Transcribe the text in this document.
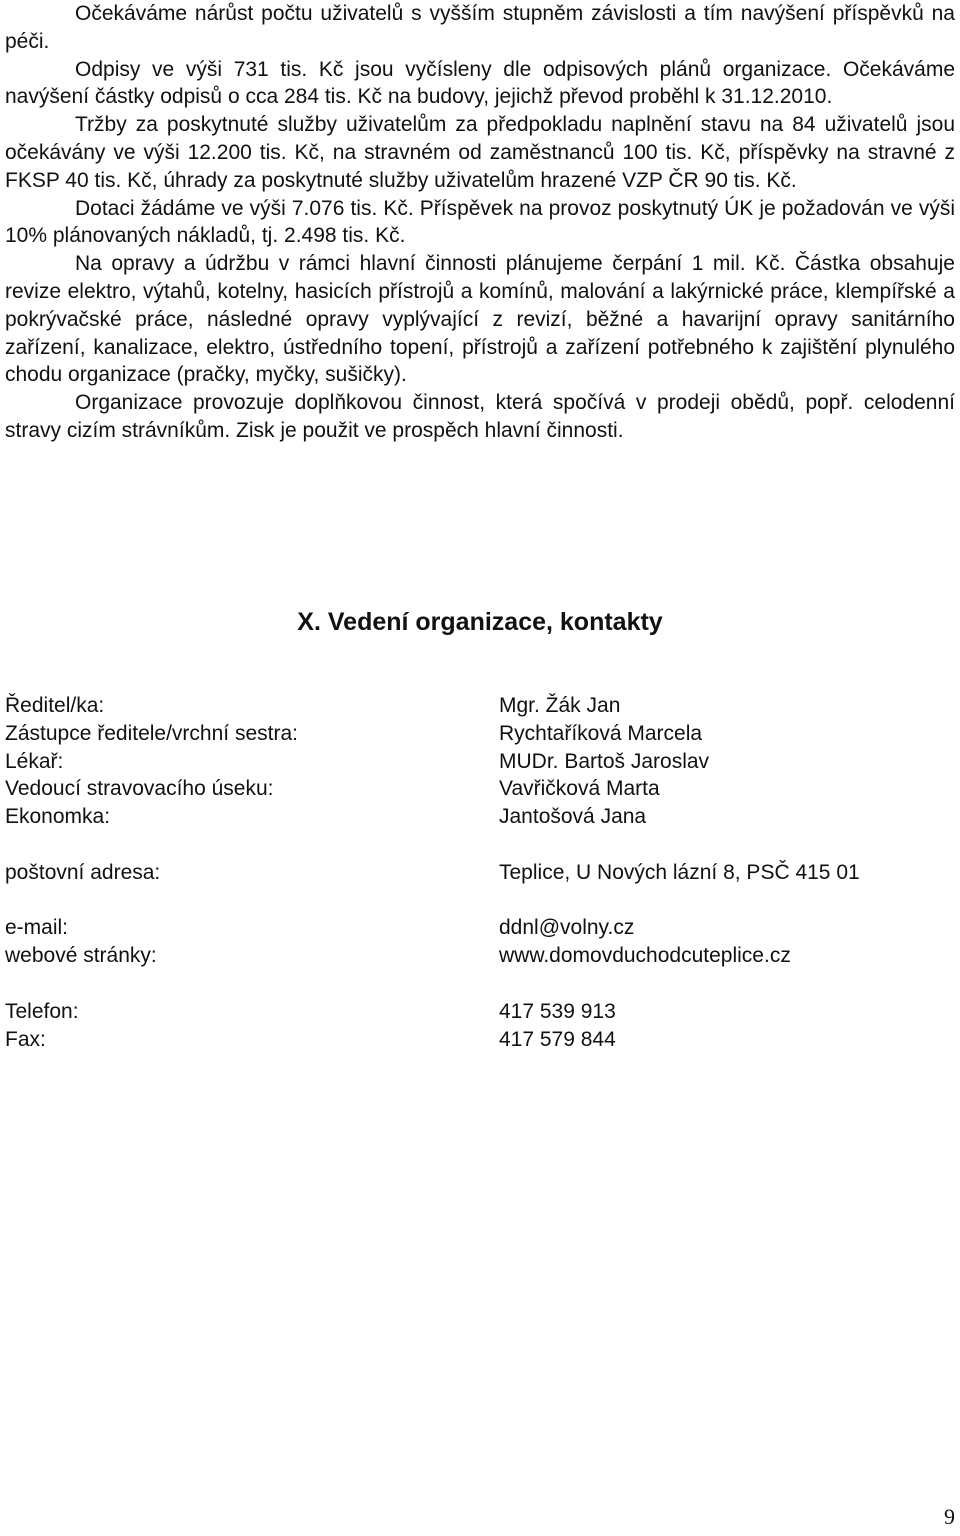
Očekáváme nárůst počtu uživatelů s vyšším stupněm závislosti a tím navýšení příspěvků na péči.

Odpisy ve výši 731 tis. Kč jsou vyčísleny dle odpisových plánů organizace. Očekáváme navýšení částky odpisů o cca 284 tis. Kč na budovy, jejichž převod proběhl k 31.12.2010.

Tržby za poskytnuté služby uživatelům za předpokladu naplnění stavu na 84 uživatelů jsou očekávány ve výši 12.200 tis. Kč, na stravném od zaměstnanců 100 tis. Kč, příspěvky na stravné z FKSP 40 tis. Kč, úhrady za poskytnuté služby uživatelům hrazené VZP ČR 90 tis. Kč.

Dotaci žádáme ve výši 7.076 tis. Kč. Příspěvek na provoz poskytnutý ÚK je požadován ve výši 10% plánovaných nákladů, tj. 2.498 tis. Kč.

Na opravy a údržbu v rámci hlavní činnosti plánujeme čerpání 1 mil. Kč. Částka obsahuje revize elektro, výtahů, kotelny, hasicích přístrojů a komínů, malování a lakýrnické práce, klempířské a pokrývačské práce, následné opravy vyplývající z revizí, běžné a havarijní opravy sanitárního zařízení, kanalizace, elektro, ústředního topení, přístrojů a zařízení potřebného k zajištění plynulého chodu organizace (pračky, myčky, sušičky).

Organizace provozuje doplňkovou činnost, která spočívá v prodeji obědů, popř. celodenní stravy cizím strávníkům. Zisk je použit ve prospěch hlavní činnosti.

X. Vedení organizace, kontakty
Ředitel/ka:	Mgr. Žák Jan
Zástupce ředitele/vrchní sestra:	Rychtaříková Marcela
Lékař:	MUDr. Bartoš Jaroslav
Vedoucí stravovacího úseku:	Vavřičková Marta
Ekonomka:	Jantošová Jana
poštovní adresa:	Teplice, U Nových lázní 8, PSČ 415 01
e-mail:	ddnl@volny.cz
webové stránky:	www.domovduchodcuteplice.cz
Telefon:	417 539 913
Fax:	417 579 844
9
